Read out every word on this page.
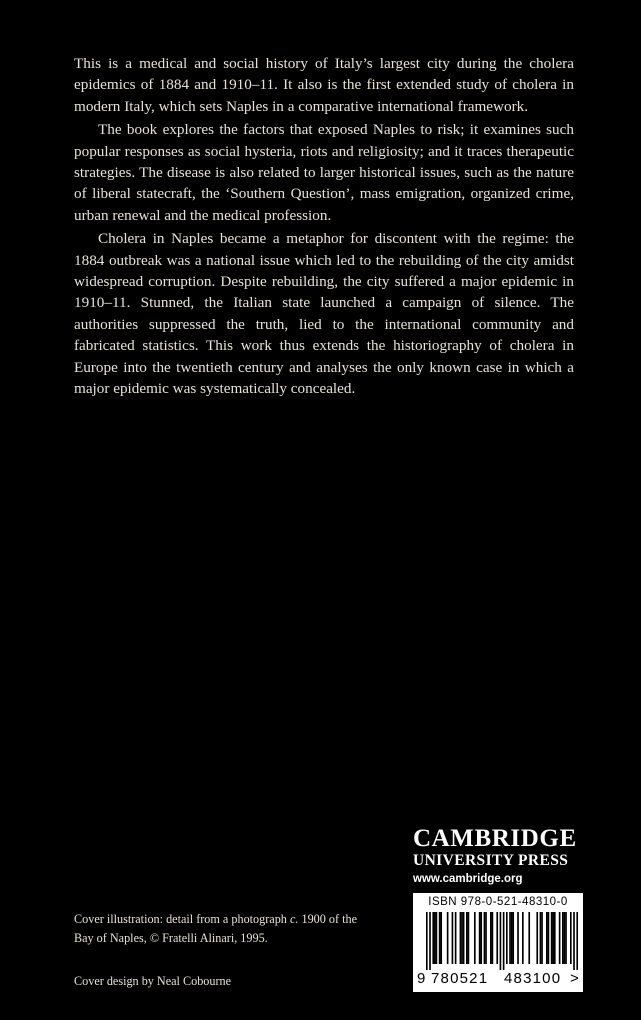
This is a medical and social history of Italy’s largest city during the cholera epidemics of 1884 and 1910–11. It also is the first extended study of cholera in modern Italy, which sets Naples in a comparative international framework.

The book explores the factors that exposed Naples to risk; it examines such popular responses as social hysteria, riots and religiosity; and it traces therapeutic strategies. The disease is also related to larger historical issues, such as the nature of liberal statecraft, the ‘Southern Question’, mass emigration, organized crime, urban renewal and the medical profession.

Cholera in Naples became a metaphor for discontent with the regime: the 1884 outbreak was a national issue which led to the rebuilding of the city amidst widespread corruption. Despite rebuilding, the city suffered a major epidemic in 1910–11. Stunned, the Italian state launched a campaign of silence. The authorities suppressed the truth, lied to the international community and fabricated statistics. This work thus extends the historiography of cholera in Europe into the twentieth century and analyses the only known case in which a major epidemic was systematically concealed.

CAMBRIDGE
UNIVERSITY PRESS
www.cambridge.org
ISBN 978-0-521-48310-0
9 780521 483100 >
Cover illustration: detail from a photograph c. 1900 of the Bay of Naples, © Fratelli Alinari, 1995.
Cover design by Neal Cobourne
